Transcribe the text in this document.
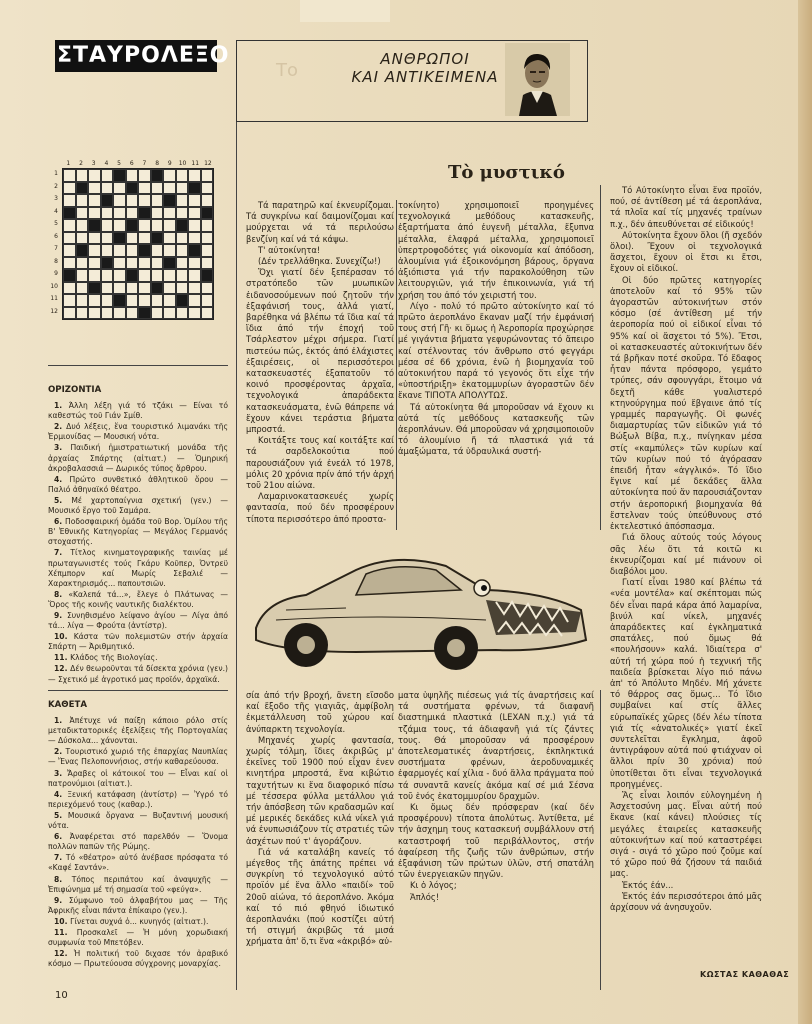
ΣΤΑΥΡΟΛΕΞΟ
1	2	3	4	5	6	7	8	9	10 11 12
1
2
3
4
5
6
7
8
9
10
11
12
ΟΡΙΖΟΝΤΙΑ

1. Άλλη λέξη γιά τό τζάκι — Είναι τό καθεστώς τοῦ Γιάν Σμίθ.

2. Δυό λέξεις, ἕνα τουριστικό λιμανάκι τῆς Ἑρμιονίδας — Μουσική νότα.

3. Παιδική ἡμιστρατιωτική μονάδα τῆς ἀρχαίας Σπάρτης (αἰτιατ.) — Ὁμηρική ἀκροβαλασσιά — Δωρικός τύπος ἄρθρου.

4. Πρώτο συνθετικό ἀθλητικοῦ ὅρου — Παλιό ἀθηναϊκό θέατρο.

5. Μέ χαρτοπαίγνια σχετική (γεν.) — Μουσικό ἔργο τοῦ Σαμάρα.

6. Ποδοσφαιρική ὁμάδα τοῦ Βορ. Ὁμίλου τῆς Β' Ἐθνικῆς Κατηγορίας — Μεγάλος Γερμανός στοχαστής.

7. Τίτλος κινηματογραφικῆς ταινίας μέ πρωταγωνιστές τούς Γκάρυ Κοῦπερ, Ὀντρεϋ Χέπμπορν καί Μωρίς Σεβαλιέ — Χαρακτηρισμός... παπουτσιῶν.

8. «Καλεπά τά...», ἔλεγε ὁ Πλάτωνας — Ὅρος τῆς κοινῆς ναυτικῆς διαλέκτου.

9. Συνηθισμένο λείψανο ἁγίου — Λίγα ἀπό τά... λίγα — Φρούτα (ἀντίστρ).

10. Κάστα τῶν πολεμιστῶν στήν ἀρχαία Σπάρτη — Ἀριθμητικό.

11. Κλάδος τῆς Βιολογίας.

12. Δέν θεωροῦνται τά δίσεκτα χρόνια (γεν.) — Σχετικό μέ ἀγροτικό μας προϊόν, ἀρχαϊκά.

ΚΑΘΕΤΑ

1. Ἀπέτυχε νά παίξη κάποιο ρόλο στίς μεταδικτατορικές ἐξελίξεις τῆς Πορτογαλίας — Δύσκολα... χάνονται.

2. Τουριστικό χωριό τῆς ἐπαρχίας Ναυπλίας — Ἕνας Πελοποννήσιος, στήν καθαρεύουσα.

3. Ἄραβες οἱ κάτοικοί του — Εἶναι καί οἱ πατρονύμιοι (αἰτιατ.).

4. Ξενική κατάφαση (ἀντίστρ) — Ὑγρό τό περιεχόμενό τους (καθαρ.).

5. Μουσικά ὄργανα — Βυζαντινή μουσική νότα.

6. Ἀναφέρεται στό παρελθόν — Ὄνομα πολλῶν παπῶν τῆς Ρώμης.

7. Τό «θέατρο» αὐτό ἀνέβασε πρόσφατα τό «Καφέ Σαντάν».

8. Τόπος περιπάτου καί ἀναψυχῆς — Ἐπιφώνημα μέ τή σημασία τοῦ «φεύγα».

9. Σύμφωνο τοῦ ἀλφαβήτου μας — Τῆς Ἀφρικῆς εἶναι πάντα ἐπίκαιρο (γεν.).

10. Γίνεται συχνά ὁ... κυνηγός (αἰτιατ.).

11. Προσκαλεῖ — Ἡ μόνη χορωδιακή συμφωνία τοῦ Μπετόβεν.

12. Ἡ πολιτική τοῦ διχασε τόν ἀραβικό κόσμο — Πρωτεύουσα σύγχρονης μοναρχίας.

10
Το
ΑΝΘΡΩΠΟΙ
ΚΑΙ ΑΝΤΙΚΕΙΜΕΝΑ
Τὸ μυστικό

Τά παρατηρῶ καί ἐκνευρίζομαι. Τά συγκρίνω καί δαιμονίζομαι καί μούρχεται νά τά περιλούσω βενζίνη καί νά τά κάψω.

Τ' αὐτοκίνητα!

(Δέν τρελλάθηκα. Συνεχίζω!)

Ὄχι γιατί δέν ξεπέρασαν τό στρατόπεδο τῶν μυωπικῶν ἐιδανοσούμενων πού ζητοῦν τήν ἐξαφάνισή τους, ἀλλά γιατί, βαρέθηκα νά βλέπω τά ἴδια καί τά ἴδια ἀπό τήν ἐποχή τοῦ Τσάρλεστον μέχρι σήμερα. Γιατί πιστεύω πώς, ἐκτός ἀπό ἐλάχιστες ἐξαιρέσεις, οἱ περισσότεροι κατασκευαστές ἐξαπατοῦν τό κοινό προσφέροντας ἀρχαῖα, τεχνολογικά ἀπαράδεκτα κατασκευάσματα, ἐνῶ θάπρεπε νά ἔχουν κάνει τεράστια βήματα μπροστά.

Κοιτάξτε τους καί κοιτάξτε καί τά σαρδελοκούτια πού παρουσιάζουν γιά ἐνεάλ τό 1978, μόλις 20 χρόνια πρίν ἀπό τήν ἀρχή τοῦ 21ου αἰώνα.

Λαμαρινοκατασκευές χωρίς φαντασία, πού δέν προσφέρουν τίποτα περισσότερο ἀπό προστα-

τοκίνητο) χρησιμοποιεῖ προηγμένες τεχνολογικά μεθόδους κατασκευῆς, ἐξαρτήματα ἀπό ἐυγενῆ μέταλλα, ἔξυπνα μέταλλα, ἐλαφρά μέταλλα, χρησιμοποιεῖ ὑπερτροφοδότες γιά οἰκονομία καί ἀπόδοση, ἀλουμίνια γιά ἐξοικονόμηση βάρους, ὄργανα ἀξιόπιστα γιά τήν παρακολούθηση τῶν λειτουργιῶν, γιά τήν ἐπικοινωνία, γιά τή χρήση του ἀπό τόν χειριστή του.

Λίγο - πολύ τό πρῶτο αὐτοκίνητο καί τό πρῶτο ἀεροπλάνο ἔκαναν μαζί τήν ἐμφάνισή τους στή Γῆ· κι ὅμως ἡ Ἀεροπορία προχώρησε μέ γιγάντια βήματα γεφυρώνοντας τό ἄπειρο καί στέλνοντας τόν ἄνθρωπο στό φεγγάρι μέσα σέ 66 χρόνια, ἐνῶ ἡ βιομηχανία τοῦ αὐτοκινήτου παρά τό γεγονός ὅτι εἶχε τήν «ὑποστήριξη» ἑκατομμυρίων ἀγοραστῶν δέν ἔκανε ΤΙΠΟΤΑ ΑΠΟΛΥΤΩΣ.

Τά αὐτοκίνητα θά μποροῦσαν νά ἔχουν κι αὐτά τίς μεθόδους κατασκευῆς τῶν ἀεροπλάνων. Θά μποροῦσαν νά χρησιμοποιοῦν τό ἀλουμίνιο ἤ τά πλαστικά γιά τά ἀμαξώματα, τά ὑδραυλικά συστή-

Τό Αὐτοκίνητο εἶναι ἕνα προϊόν, πού, σέ ἀντίθεση μέ τά ἀεροπλάνα, τά πλοῖα καί τίς μηχανές τραίνων π.χ., δέν ἀπευθύνεται σέ εἰδικούς!

Αὐτοκίνητα ἔχουν ὅλοι (ἤ σχεδόν ὅλοι). Ἔχουν οἱ τεχνολογικά ἄσχετοι, ἔχουν οἱ ἔτσι κι ἔτσι, ἔχουν οἱ εἰδικοί.

Οἱ δύο πρῶτες κατηγορίες ἀποτελοῦν καί τό 95% τῶν ἀγοραστῶν αὐτοκινήτων στόν κόσμο (σέ ἀντίθεση μέ τήν ἀεροπορία πού οἱ εἰδικοί εἶναι τό 95% καί οἱ ἄσχετοι τό 5%). Ἔτσι, οἱ κατασκευαστές αὐτοκινήτων δέν τά βρῆκαν ποτέ σκοῦρα. Τό ἔδαφος ἦταν πάντα πρόσφορο, γεμάτο τρύπες, σάν σφουγγάρι, ἕτοιμο νά δεχτῆ κάθε γυαλιστερό κτηνούργημα πού ἔβγαινε ἀπό τίς γραμμές παραγωγῆς. Οἱ φωνές διαμαρτυρίας τῶν εἰδικῶν γιά τό Βώξωλ Βίβα, π.χ., πνίγηκαν μέσα στίς «καμπύλες» τῶν κυρίων καί τῶν κυρίων πού τό ἀγόρασαν ἐπειδή ἦταν «ἀγγλικό». Τό ἴδιο ἔγινε καί μέ δεκάδες ἄλλα αὐτοκίνητα πού ἄν παρουσιάζονταν στήν ἀεροπορική βιομηχανία θά ἔστελναν τούς ὑπεύθυνους στό ἐκτελεστικό ἀπόσπασμα.

Γιά ὅλους αὐτούς τούς λόγους σᾶς λέω ὅτι τά κοιτῶ κι ἐκνευρίζομαι καί μέ πιάνουν οἱ διαβόλοι μου.

Γιατί εἶναι 1980 καί βλέπω τά «νέα μοντέλα» καί σκέπτομαι πώς δέν εἶναι παρά κάρα ἀπό λαμαρίνα, βινύλ καί νίκελ, μηχανές ἀπαράδεκτες καί ἐγκληματικά σπατάλες, πού ὅμως θά «πουλήσουν» καλά. Ἰδιαίτερα σ' αὐτή τή χώρα πού ἡ τεχνική τῆς παιδεία βρίσκεται λίγο πιό πάνω ἀπ' τό Ἀπόλυτο Μηδέν. Μή χάνετε τό θάρρος σας ὅμως... Τό ἴδιο συμβαίνει καί στίς ἄλλες εὐρωπαϊκές χῶρες (δέν λέω τίποτα γιά τίς «ἀνατολικές» γιατί ἐκεῖ συντελεῖται ἔγκλημα, ἀφοῦ ἀντιγράφουν αὐτά πού φτιάχναν οἱ ἄλλοι πρίν 30 χρόνια) πού ὑποτίθεται ὅτι εἶναι τεχνολογικά προηγμένες.

Ἄς εἶναι λοιπόν εὐλογημένη ἡ Ἀσχετοσύνη μας. Εἶναι αὐτή πού ἔκανε (καί κάνει) πλούσιες τίς μεγάλες ἑταιρείες κατασκευῆς αὐτοκινήτων καί πού καταστρέφει σιγά - σιγά τό χῶρο πού ζοῦμε καί τό χῶρο πού θά ζήσουν τά παιδιά μας.

Ἐκτός ἐάν...

Ἐκτός ἐάν περισσότεροι ἀπό μᾶς ἀρχίσουν νά ἀνησυχοῦν.

σία ἀπό τήν βροχή, ἄνετη εἴσοδο καί ἔξοδο τῆς γιαγιᾶς, ἀμφίβολη ἐκμετάλλευση τοῦ χώρου καί ἀνύπαρκτη τεχνολογία.

Μηχανές χωρίς φαντασία, χωρίς τόλμη, ἴδιες ἀκριβῶς μ' ἐκεῖνες τοῦ 1900 πού εἶχαν ἐνεν κινητήρα μπροστά, ἕνα κιβώτιο ταχυτήτων κι ἕνα διαφορικό πίσω μέ τέσσερα φύλλα μετάλλου γιά τήν ἀπόσβεση τῶν κραδασμῶν καί μέ μερικές δεκάδες κιλά νίκελ γιά νά ἐνυπωσιάζουν τίς στρατιές τῶν ἀσχέτων πού τ' ἀγοράζουν.

Γιά νά καταλάβη κανείς τό μέγεθος τῆς ἀπάτης πρέπει νά συγκρίνη τό τεχνολογικό αὐτό προϊόν μέ ἕνα ἄλλο «παιδί» τοῦ 20οῦ αἰώνα, τό ἀεροπλάνο. Ἀκόμα καί τό πιό φθηνό ἰδιωτικό ἀεροπλανάκι (πού κοστίζει αὐτή τή στιγμή ἀκριβῶς τά μισά χρήματα ἀπ' ὅ,τι ἕνα «ἀκριβό» αὐ-

ματα ὑψηλῆς πιέσεως γιά τίς ἀναρτήσεις καί τά συστήματα φρένων, τά διαφανῆ διαστημικά πλαστικά (LEXAN π.χ.) γιά τά τζάμια τους, τά ἀδιαφανῆ γιά τίς ζάντες τους. Θά μποροῦσαν νά προσφέρουν ἀποτελεσματικές ἀναρτήσεις, ἐκπληκτικά συστήματα φρένων, ἀεροδυναμικές ἐφαρμογές καί χίλια - δυό ἄλλα πράγματα πού τά συναντᾶ κανείς ἀκόμα καί σέ μιά Σέσνα τοῦ ἑνός ἑκατομμυρίου δραχμῶν.

Κι ὅμως δέν πρόσφεραν (καί δέν προσφέρουν) τίποτα ἀπολύτως. Ἀντίθετα, μέ τήν ἀσχημη τους κατασκευή συμβάλλουν στή καταστροφή τοῦ περιβάλλοντος, στήν ἀφαίρεση τῆς ζωῆς τῶν ἀνθρώπων, στήν ἐξαφάνιση τῶν πρώτων ὑλῶν, στή σπατάλη τῶν ἐνεργειακῶν πηγῶν.

Κι ὁ λόγος;

Ἁπλός!

ΚΩΣΤΑΣ ΚΑΘΑΘΑΣ
